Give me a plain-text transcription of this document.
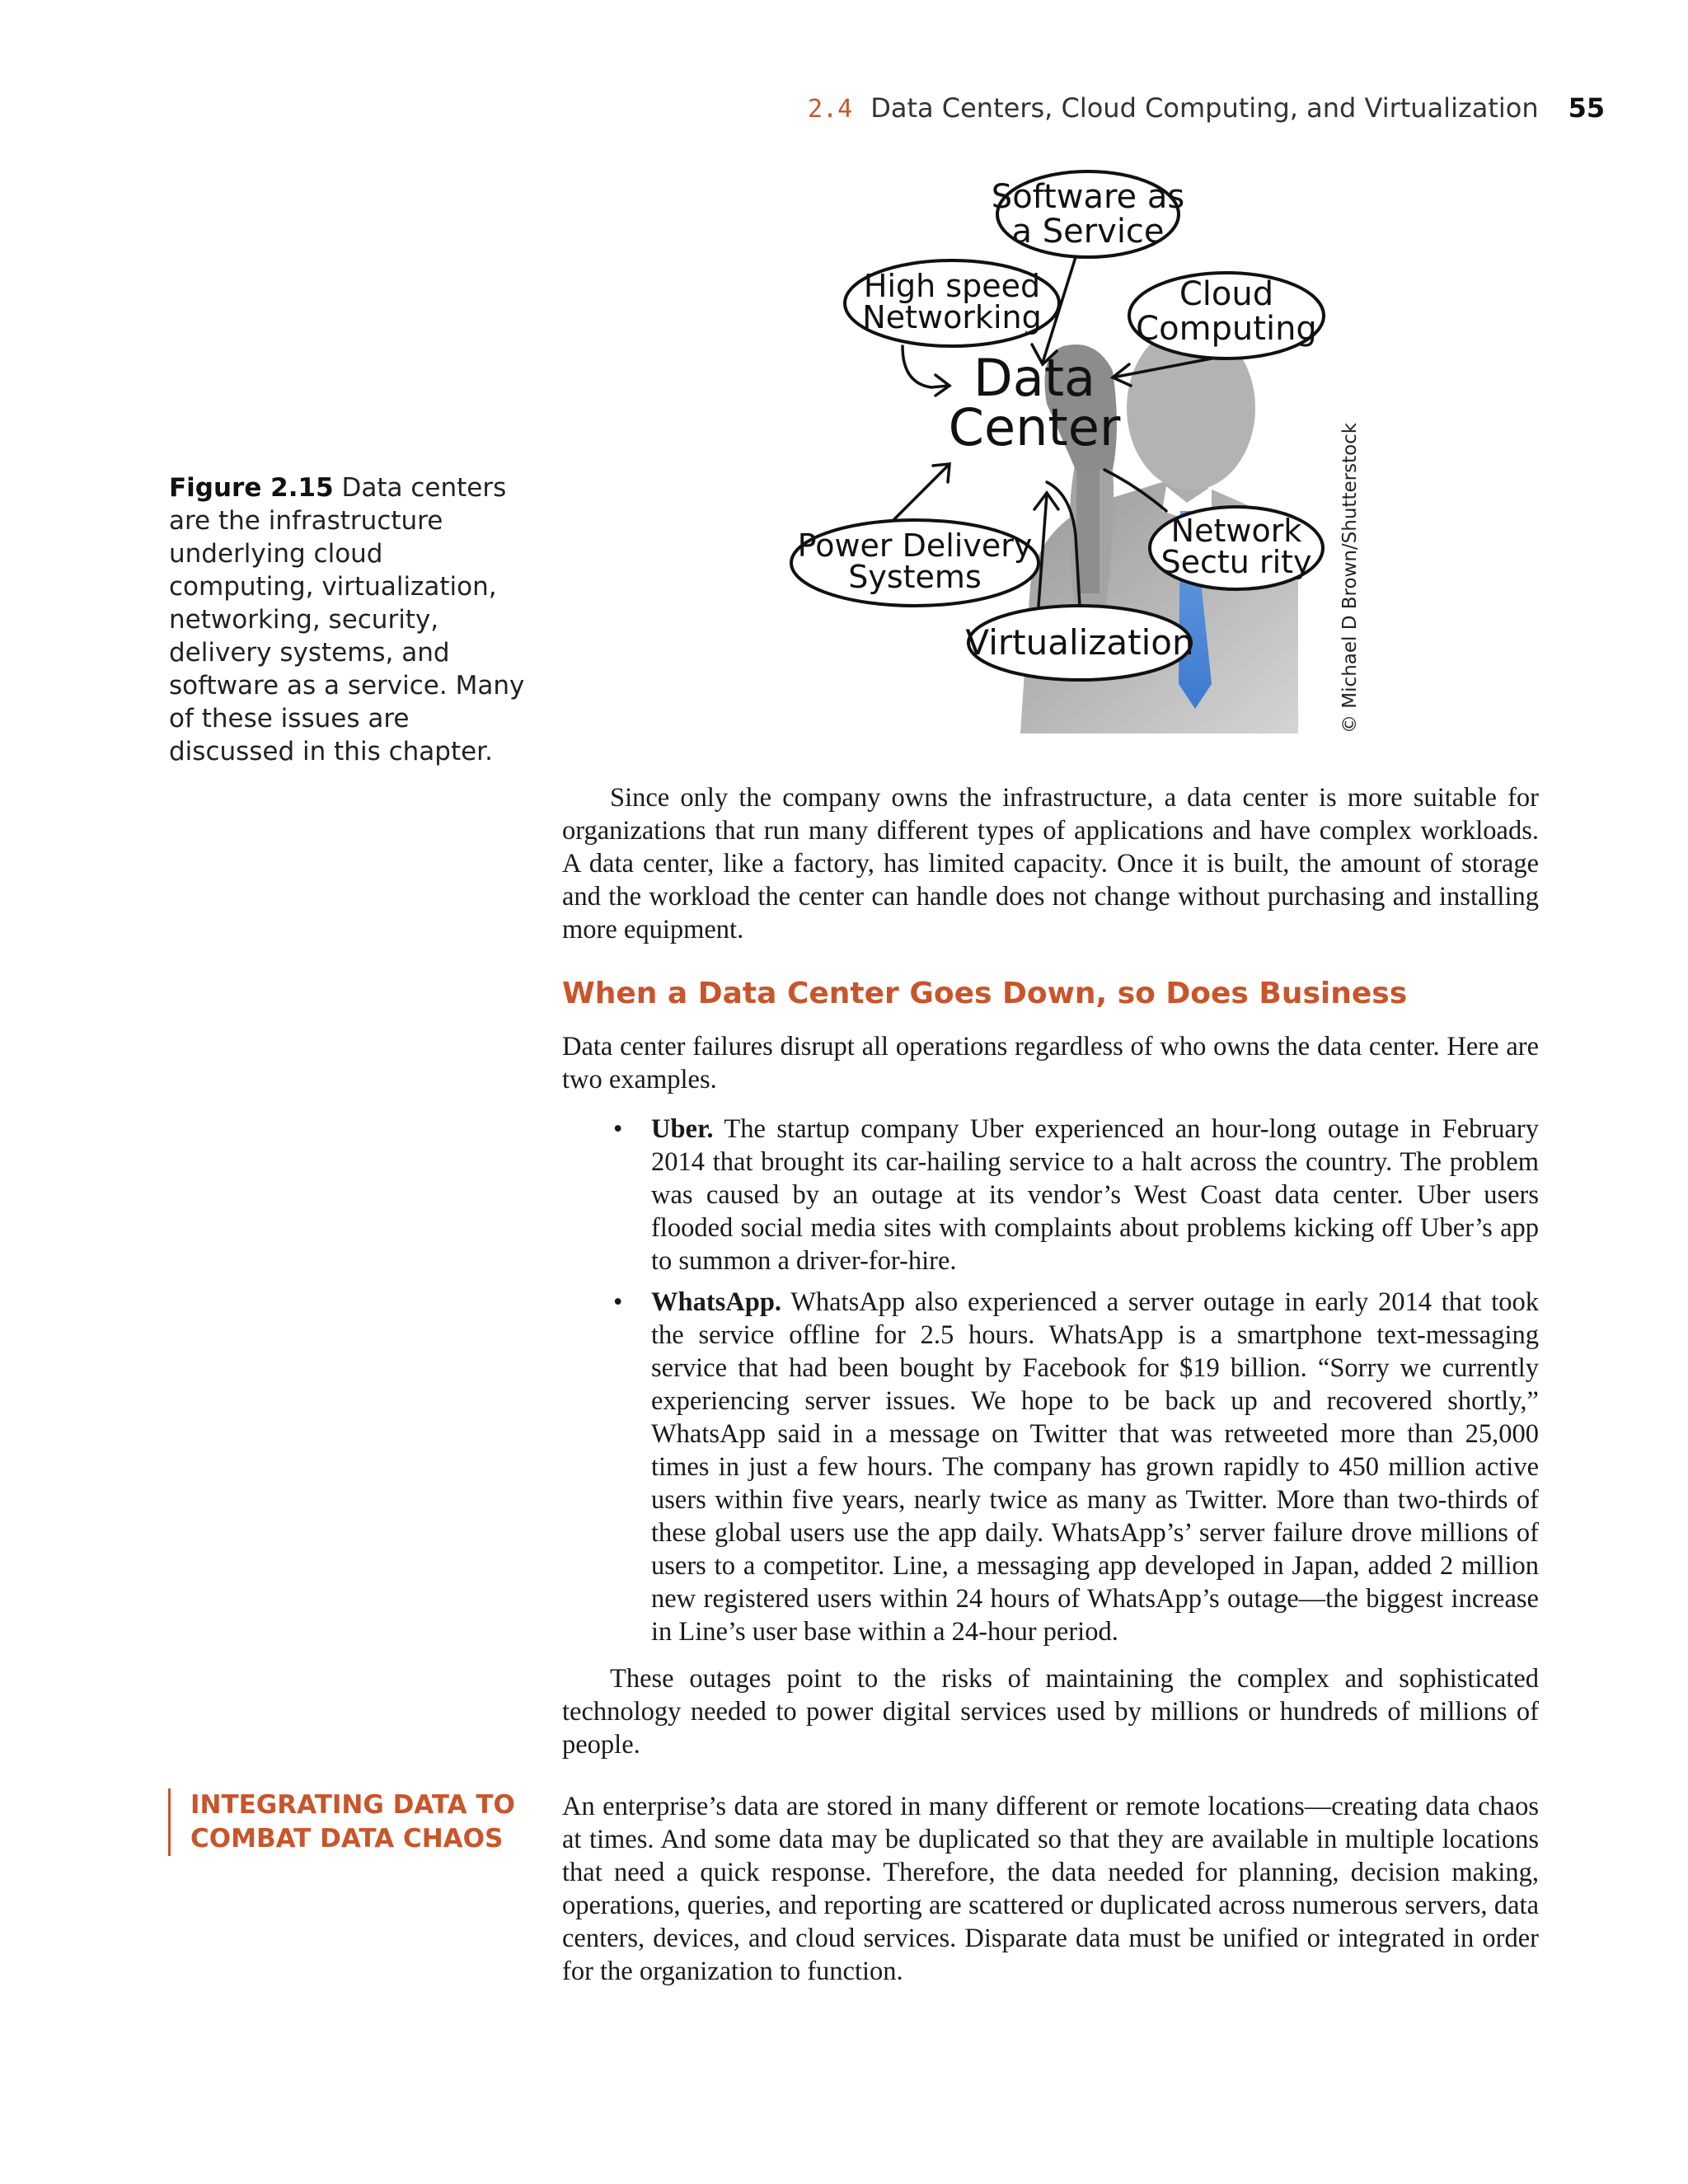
2.4 Data Centers, Cloud Computing, and Virtualization 55
Software as
a Service
High speed
Networking
Cloud
Computing
Data
Center
Power Delivery
Systems
Network
Sectu rity
Virtualization	© Michael D Brown/Shutterstock
Figure 2.15 Data centers are the infrastructure underlying cloud computing, virtualization, networking, security, delivery systems, and software as a service. Many of these issues are discussed in this chapter.

Since only the company owns the infrastructure, a data center is more suitable for organizations that run many different types of applications and have complex workloads. A data center, like a factory, has limited capacity. Once it is built, the amount of storage and the workload the center can handle does not change without purchasing and installing more equipment.

When a Data Center Goes Down, so Does Business

Data center failures disrupt all operations regardless of who owns the data center. Here are two examples.

• Uber. The startup company Uber experienced an hour-long outage in February 2014 that brought its car-hailing service to a halt across the country. The problem was caused by an outage at its vendor’s West Coast data center. Uber users flooded social media sites with complaints about problems kicking off Uber’s app to summon a driver-for-hire.
• WhatsApp. WhatsApp also experienced a server outage in early 2014 that took the service offline for 2.5 hours. WhatsApp is a smartphone text-messaging service that had been bought by Facebook for $19 billion. “Sorry we currently experiencing server issues. We hope to be back up and recovered shortly,” WhatsApp said in a message on Twitter that was retweeted more than 25,000 times in just a few hours. The company has grown rapidly to 450 million active users within five years, nearly twice as many as Twitter. More than two-thirds of these global users use the app daily. WhatsApp’s’ server failure drove millions of users to a competitor. Line, a messaging app developed in Japan, added 2 million new registered users within 24 hours of WhatsApp’s outage—the biggest increase in Line’s user base within a 24-hour period.

These outages point to the risks of maintaining the complex and sophisticated technology needed to power digital services used by millions or hundreds of millions of people.

INTEGRATING DATA TO
COMBAT DATA CHAOS

An enterprise’s data are stored in many different or remote locations—creating data chaos at times. And some data may be duplicated so that they are available in multiple locations that need a quick response. Therefore, the data needed for planning, decision making, operations, queries, and reporting are scattered or duplicated across numerous servers, data centers, devices, and cloud services. Disparate data must be unified or integrated in order for the organization to function.
